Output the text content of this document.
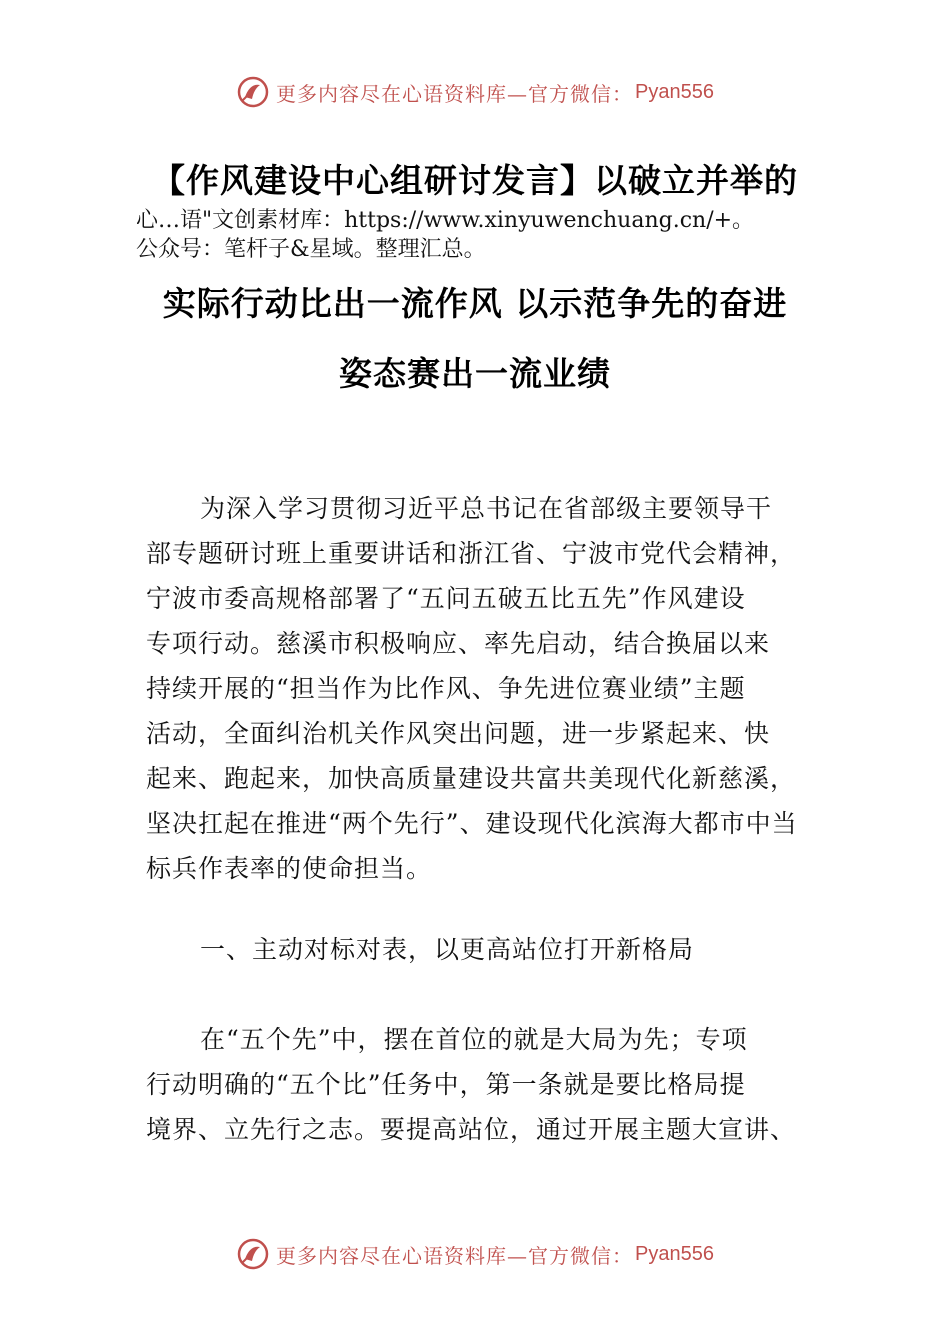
更多内容尽在心语资料库—官方微信： Pyan556
【作风建设中心组研讨发言】以破立并举的
心…语"文创素材库：https://www.xinyuwenchuang.cn/+。
公众号：笔杆子&星域。整理汇总。
实际行动比出一流作风 以示范争先的奋进
姿态赛出一流业绩
为深入学习贯彻习近平总书记在省部级主要领导干
部专题研讨班上重要讲话和浙江省、宁波市党代会精神，
宁波市委高规格部署了“五问五破五比五先”作风建设
专项行动。慈溪市积极响应、率先启动，结合换届以来
持续开展的“担当作为比作风、争先进位赛业绩”主题
活动，全面纠治机关作风突出问题，进一步紧起来、快
起来、跑起来，加快高质量建设共富共美现代化新慈溪，
坚决扛起在推进“两个先行”、建设现代化滨海大都市中当
标兵作表率的使命担当。
一、主动对标对表，以更高站位打开新格局
在“五个先”中，摆在首位的就是大局为先；专项
行动明确的“五个比”任务中，第一条就是要比格局提
境界、立先行之志。要提高站位，通过开展主题大宣讲、
更多内容尽在心语资料库—官方微信： Pyan556
